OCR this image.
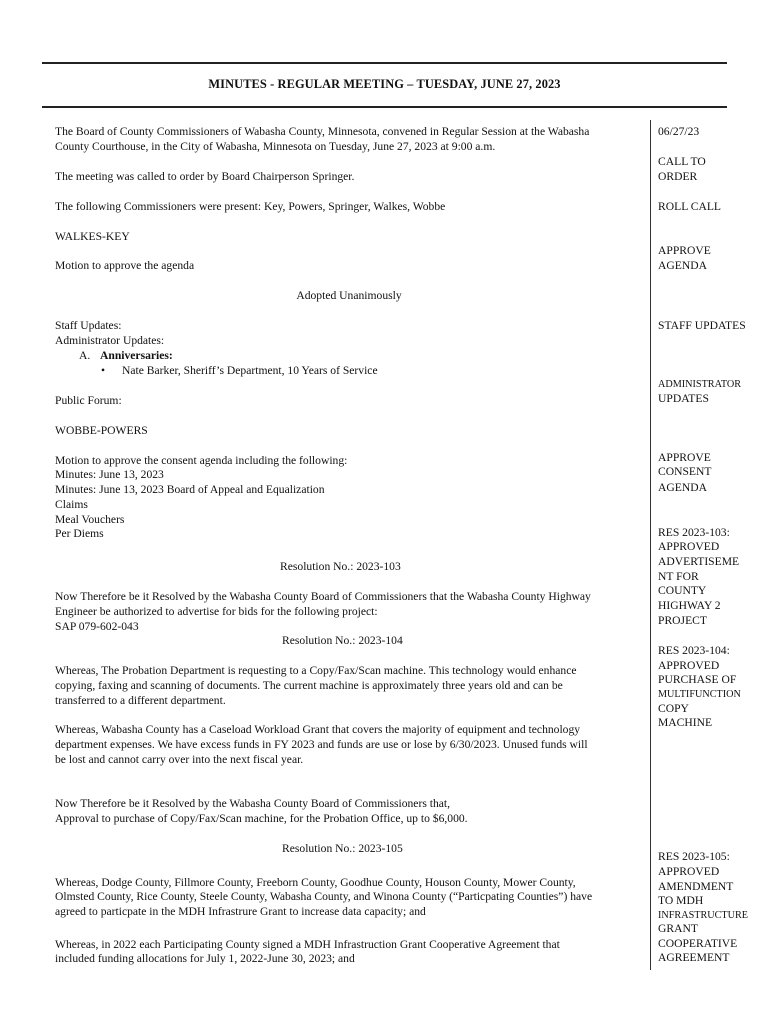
MINUTES - REGULAR MEETING – TUESDAY, JUNE 27, 2023
The Board of County Commissioners of Wabasha County, Minnesota, convened in Regular Session at the Wabasha
County Courthouse, in the City of Wabasha, Minnesota on Tuesday, June 27, 2023 at 9:00 a.m.
The meeting was called to order by Board Chairperson Springer.
The following Commissioners were present: Key, Powers, Springer, Walkes, Wobbe
WALKES-KEY
Motion to approve the agenda
Adopted Unanimously
Staff Updates:
Administrator Updates:
A. Anniversaries:
• Nate Barker, Sheriff’s Department, 10 Years of Service
Public Forum:
WOBBE-POWERS
Motion to approve the consent agenda including the following:
Minutes: June 13, 2023
Minutes: June 13, 2023 Board of Appeal and Equalization
Claims
Meal Vouchers
Per Diems
Resolution No.: 2023-103
Now Therefore be it Resolved by the Wabasha County Board of Commissioners that the Wabasha County Highway
Engineer be authorized to advertise for bids for the following project:
SAP 079-602-043
Resolution No.: 2023-104
Whereas, The Probation Department is requesting to a Copy/Fax/Scan machine. This technology would enhance
copying, faxing and scanning of documents. The current machine is approximately three years old and can be
transferred to a different department.
Whereas, Wabasha County has a Caseload Workload Grant that covers the majority of equipment and technology
department expenses. We have excess funds in FY 2023 and funds are use or lose by 6/30/2023. Unused funds will
be lost and cannot carry over into the next fiscal year.
Now Therefore be it Resolved by the Wabasha County Board of Commissioners that,
Approval to purchase of Copy/Fax/Scan machine, for the Probation Office, up to $6,000.
Resolution No.: 2023-105
Whereas, Dodge County, Fillmore County, Freeborn County, Goodhue County, Houson County, Mower County,
Olmsted County, Rice County, Steele County, Wabasha County, and Winona County (“Particpating Counties”) have
agreed to particpate in the MDH Infrastrure Grant to increase data capacity; and
Whereas, in 2022 each Participating County signed a MDH Infrastruction Grant Cooperative Agreement that
included funding allocations for July 1, 2022-June 30, 2023; and
06/27/23
CALL TO
ORDER
ROLL CALL
APPROVE
AGENDA
STAFF UPDATES
ADMINISTRATOR
UPDATES
APPROVE
CONSENT
AGENDA
RES 2023-103:
APPROVED
ADVERTISEME
NT FOR
COUNTY
HIGHWAY 2
PROJECT
RES 2023-104:
APPROVED
PURCHASE OF
MULTIFUNCTION
COPY
MACHINE
RES 2023-105:
APPROVED
AMENDMENT
TO MDH
INFRASTRUCTURE
GRANT
COOPERATIVE
AGREEMENT
